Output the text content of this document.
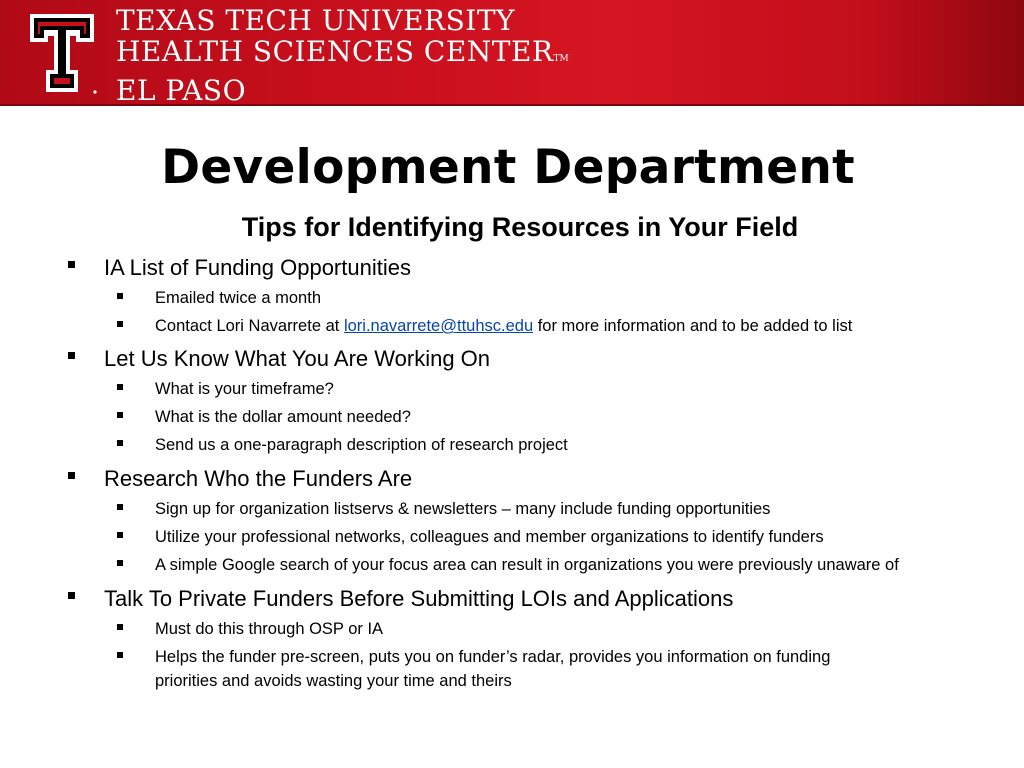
TEXAS TECH UNIVERSITY
HEALTH SCIENCES CENTERTM
EL PASO
Development Department
Tips for Identifying Resources in Your Field
IA List of Funding Opportunities
Emailed twice a month
Contact Lori Navarrete at lori.navarrete@ttuhsc.edu for more information and to be added to list
Let Us Know What You Are Working On
What is your timeframe?
What is the dollar amount needed?
Send us a one-paragraph description of research project
Research Who the Funders Are
Sign up for organization listservs & newsletters – many include funding opportunities
Utilize your professional networks, colleagues and member organizations to identify funders
A simple Google search of your focus area can result in organizations you were previously unaware of
Talk To Private Funders Before Submitting LOIs and Applications
Must do this through OSP or IA
Helps the funder pre-screen, puts you on funder’s radar, provides you information on funding
priorities and avoids wasting your time and theirs
